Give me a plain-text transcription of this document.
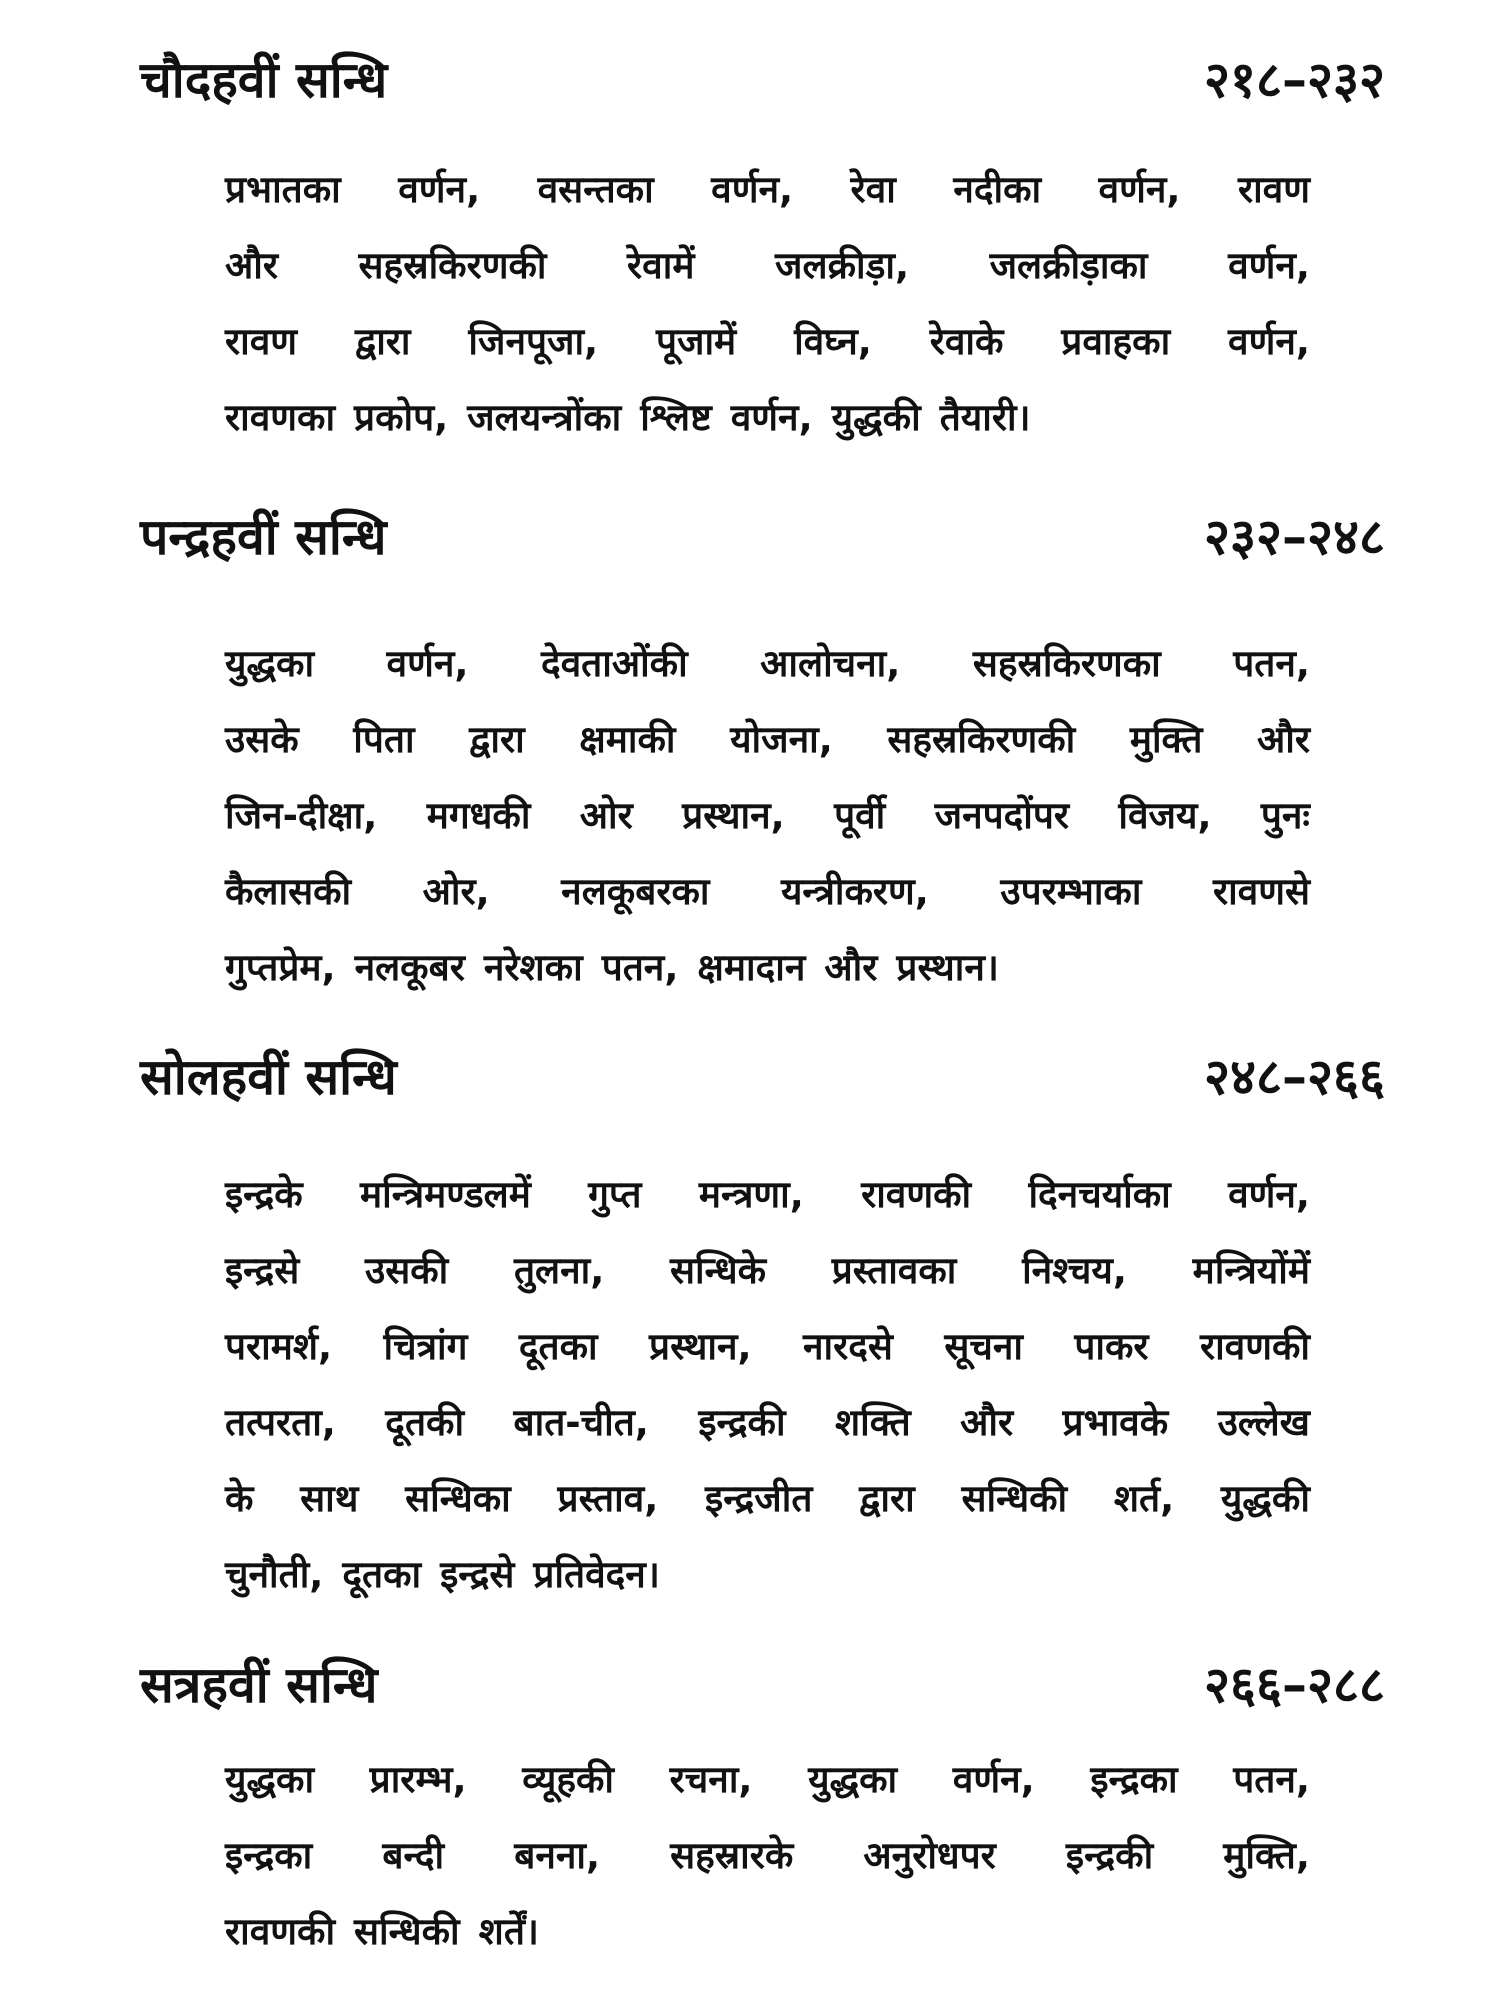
चौदहवीं सन्धि	२१८–२३२
प्रभातका वर्णन, वसन्तका वर्णन, रेवा नदीका वर्णन, रावण
और सहस्रकिरणकी रेवामें जलक्रीड़ा, जलक्रीड़ाका वर्णन,
रावण द्वारा जिनपूजा, पूजामें विघ्न, रेवाके प्रवाहका वर्णन,
रावणका प्रकोप, जलयन्त्रोंका श्लिष्ट वर्णन, युद्धकी तैयारी।
पन्द्रहवीं सन्धि	२३२–२४८
युद्धका वर्णन, देवताओंकी आलोचना, सहस्रकिरणका पतन,
उसके पिता द्वारा क्षमाकी योजना, सहस्रकिरणकी मुक्ति और
जिन-दीक्षा, मगधकी ओर प्रस्थान, पूर्वी जनपदोंपर विजय, पुनः
कैलासकी ओर, नलकूबरका यन्त्रीकरण, उपरम्भाका रावणसे
गुप्तप्रेम, नलकूबर नरेशका पतन, क्षमादान और प्रस्थान।
सोलहवीं सन्धि	२४८–२६६
इन्द्रके मन्त्रिमण्डलमें गुप्त मन्त्रणा, रावणकी दिनचर्याका वर्णन,
इन्द्रसे उसकी तुलना, सन्धिके प्रस्तावका निश्चय, मन्त्रियोंमें
परामर्श, चित्रांग दूतका प्रस्थान, नारदसे सूचना पाकर रावणकी
तत्परता, दूतकी बात-चीत, इन्द्रकी शक्ति और प्रभावके उल्लेख
के साथ सन्धिका प्रस्ताव, इन्द्रजीत द्वारा सन्धिकी शर्त, युद्धकी
चुनौती, दूतका इन्द्रसे प्रतिवेदन।
सत्रहवीं सन्धि	२६६–२८८
युद्धका प्रारम्भ, व्यूहकी रचना, युद्धका वर्णन, इन्द्रका पतन,
इन्द्रका बन्दी बनना, सहस्रारके अनुरोधपर इन्द्रकी मुक्ति,
रावणकी सन्धिकी शर्तें।
